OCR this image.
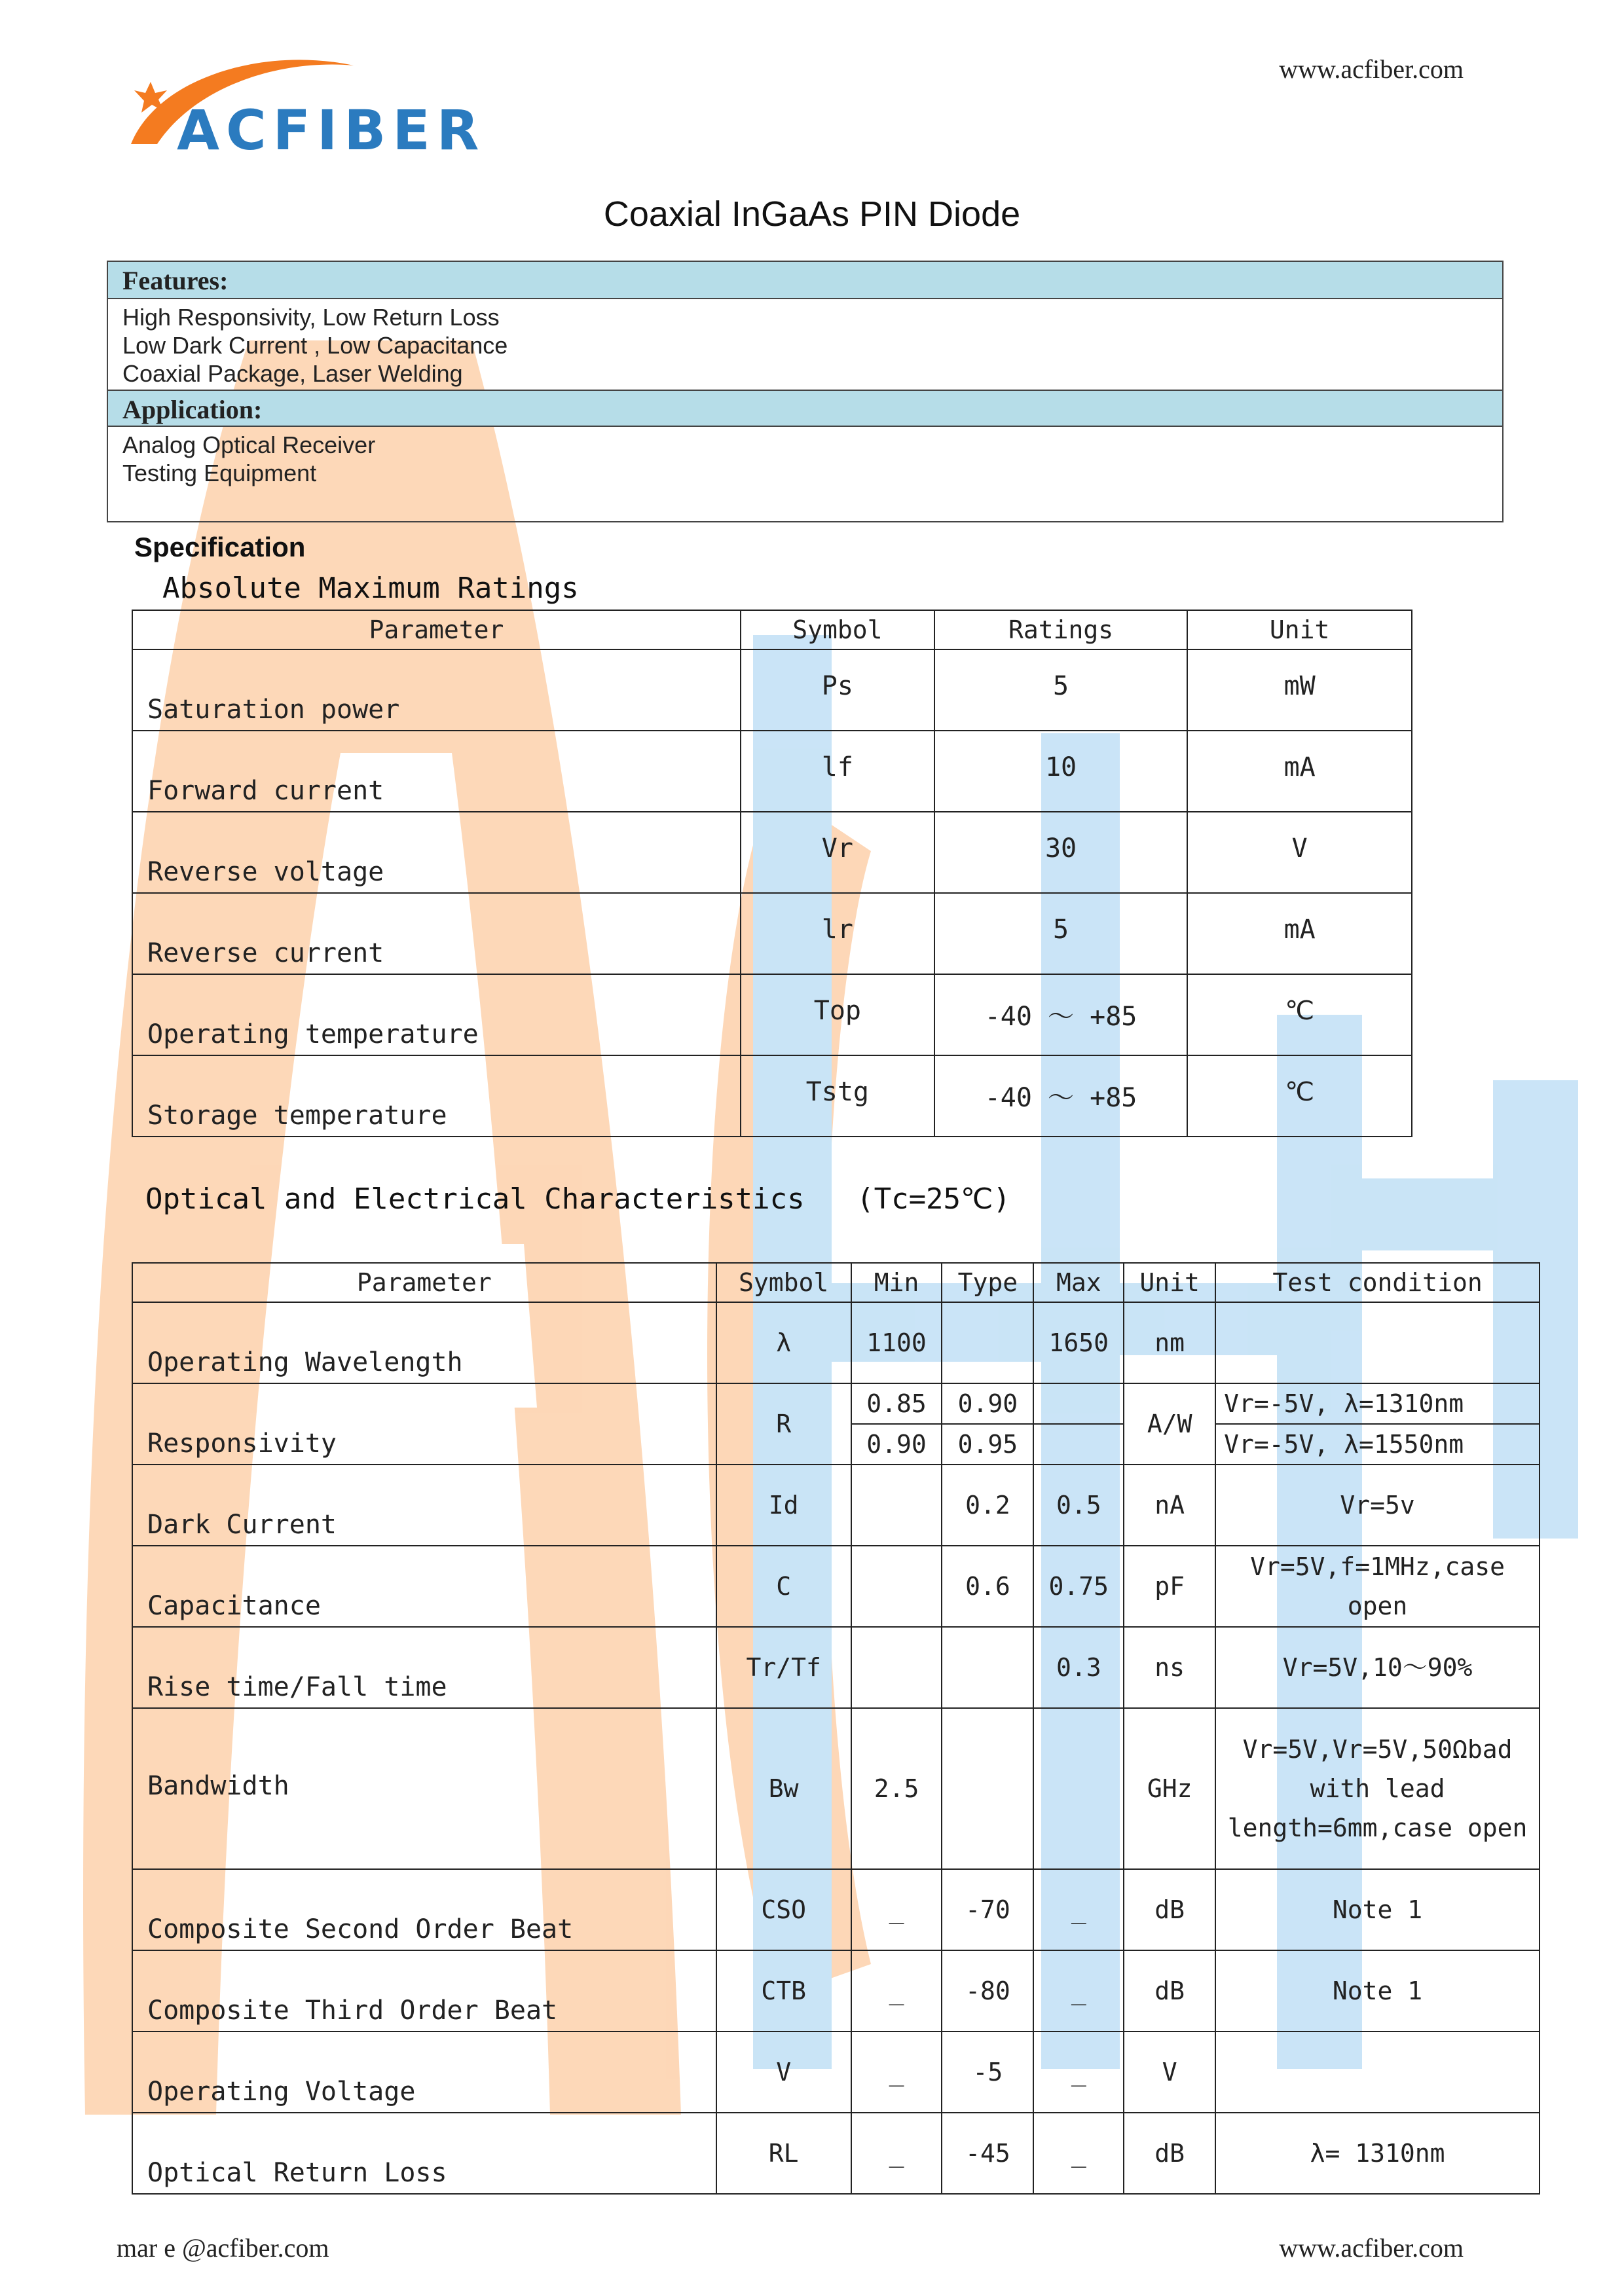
ACFIBER
www.acfiber.com
Coaxial InGaAs PIN Diode
Features:
High Responsivity, Low Return Loss
Low Dark Current , Low Capacitance
Coaxial Package, Laser Welding
Application:
Analog Optical Receiver
Testing Equipment
Specification
Absolute Maximum Ratings
Parameter	Symbol	Ratings	Unit
Saturation power	Ps	5	mW
Forward current	lf	10	mA
Reverse voltage	Vr	30	V
Reverse current	lr	5	mA
Operating temperature	Top	-40 ～ +85	℃
Storage temperature	Tstg	-40 ～ +85	℃
Optical and Electrical Characteristics   (Tc=25℃)
Parameter	Symbol	Min	Type	Max	Unit	Test condition
Operating Wavelength	λ	1100		1650	nm	
Responsivity	R	0.85	0.90		A/W	Vr=-5V, λ=1310nm
		0.90	0.95			Vr=-5V, λ=1550nm
Dark Current	Id		0.2	0.5	nA	Vr=5v
Capacitance	C		0.6	0.75	pF	Vr=5V,f=1MHz,case open
Rise time/Fall time	Tr/Tf			0.3	ns	Vr=5V,10～90%
Bandwidth	Bw	2.5			GHz	Vr=5V,Vr=5V,50Ωbad with lead length=6mm,case open
Composite Second Order Beat	CSO	_	-70	_	dB	Note 1
Composite Third Order Beat	CTB	_	-80	_	dB	Note 1
Operating Voltage	V	_	-5	_	V	
Optical Return Loss	RL	_	-45	_	dB	λ= 1310nm
mar e @acfiber.com	www.acfiber.com
